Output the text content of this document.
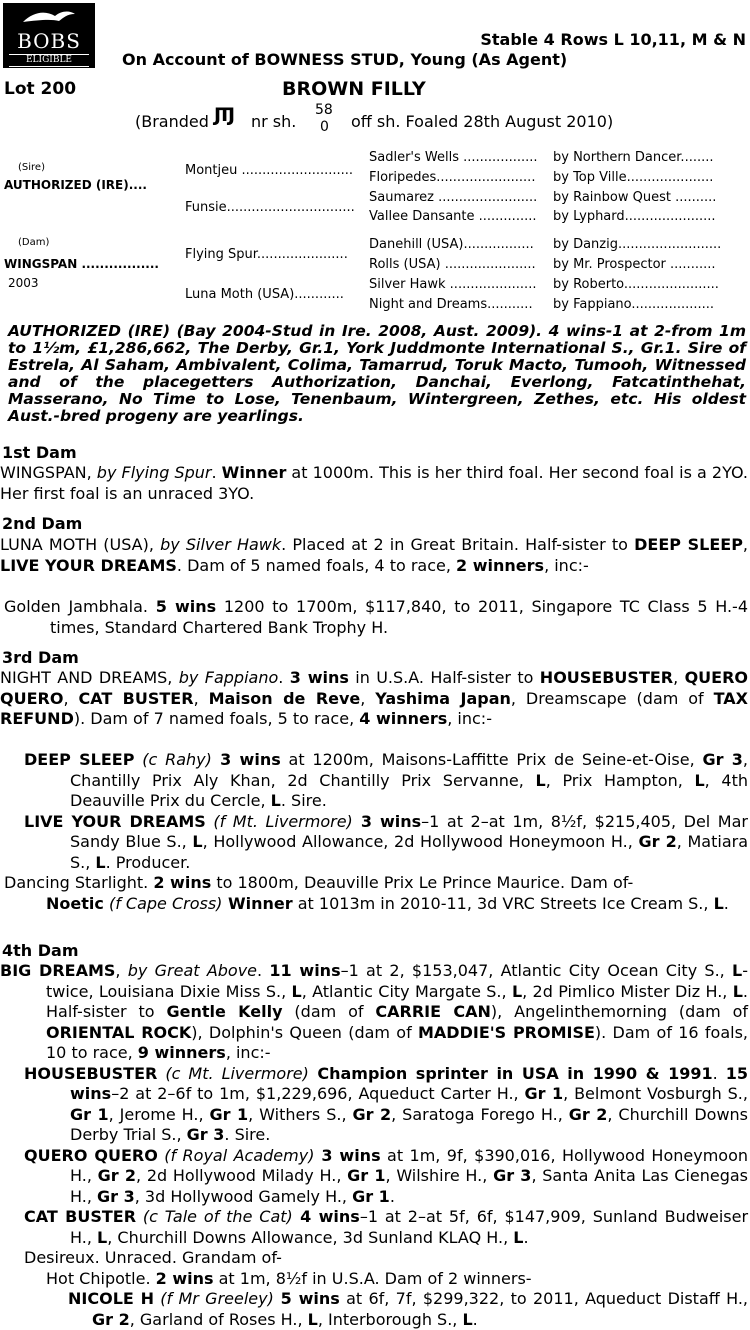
BOBS
ELIGIBLE
Stable 4 Rows L 10,11, M & N
On Account of BOWNESS STUD, Young (As Agent)
Lot 200	BROWN FILLY
(Branded JTJ nr sh.
58
0 off sh. Foaled 28th August 2010)
(Sire)
AUTHORIZED (IRE)....
(Dam)
WINGSPAN .................
2003
Montjeu ...........................
Funsie...............................
Flying Spur......................
Luna Moth (USA)............
Sadler's Wells ..................
Floripedes........................
Saumarez ........................
Vallee Dansante ..............
Danehill (USA).................
Rolls (USA) ......................
Silver Hawk .....................
Night and Dreams...........
by Northern Dancer........
by Top Ville.....................
by Rainbow Quest ..........
by Lyphard......................
by Danzig.........................
by Mr. Prospector ...........
by Roberto.......................
by Fappiano....................
AUTHORIZED (IRE) (Bay 2004-Stud in Ire. 2008, Aust. 2009). 4 wins-1 at 2-from 1m to 1½m, £1,286,662, The Derby, Gr.1, York Juddmonte International S., Gr.1. Sire of Estrela, Al Saham, Ambivalent, Colima, Tamarrud, Toruk Macto, Tumooh, Witnessed and of the placegetters Authorization, Danchai, Everlong, Fatcatinthehat, Masserano, No Time to Lose, Tenenbaum, Wintergreen, Zethes, etc. His oldest Aust.-bred progeny are yearlings.
1st Dam

WINGSPAN, by Flying Spur. Winner at 1000m. This is her third foal. Her second foal is a 2YO. Her first foal is an unraced 3YO.

2nd Dam

LUNA MOTH (USA), by Silver Hawk. Placed at 2 in Great Britain. Half-sister to DEEP SLEEP, LIVE YOUR DREAMS. Dam of 5 named foals, 4 to race, 2 winners, inc:-

Golden Jambhala. 5 wins 1200 to 1700m, $117,840, to 2011, Singapore TC Class 5 H.-4 times, Standard Chartered Bank Trophy H.

3rd Dam

NIGHT AND DREAMS, by Fappiano. 3 wins in U.S.A. Half-sister to HOUSEBUSTER, QUERO QUERO, CAT BUSTER, Maison de Reve, Yashima Japan, Dreamscape (dam of TAX REFUND). Dam of 7 named foals, 5 to race, 4 winners, inc:-

DEEP SLEEP (c Rahy) 3 wins at 1200m, Maisons-Laffitte Prix de Seine-et-Oise, Gr 3, Chantilly Prix Aly Khan, 2d Chantilly Prix Servanne, L, Prix Hampton, L, 4th Deauville Prix du Cercle, L. Sire.

LIVE YOUR DREAMS (f Mt. Livermore) 3 wins–1 at 2–at 1m, 8½f, $215,405, Del Mar Sandy Blue S., L, Hollywood Allowance, 2d Hollywood Honeymoon H., Gr 2, Matiara S., L. Producer.

Dancing Starlight. 2 wins to 1800m, Deauville Prix Le Prince Maurice. Dam of-

Noetic (f Cape Cross) Winner at 1013m in 2010-11, 3d VRC Streets Ice Cream S., L.

4th Dam

BIG DREAMS, by Great Above. 11 wins–1 at 2, $153,047, Atlantic City Ocean City S., L-twice, Louisiana Dixie Miss S., L, Atlantic City Margate S., L, 2d Pimlico Mister Diz H., L. Half-sister to Gentle Kelly (dam of CARRIE CAN), Angelinthemorning (dam of ORIENTAL ROCK), Dolphin's Queen (dam of MADDIE'S PROMISE). Dam of 16 foals, 10 to race, 9 winners, inc:-

HOUSEBUSTER (c Mt. Livermore) Champion sprinter in USA in 1990 & 1991. 15 wins–2 at 2–6f to 1m, $1,229,696, Aqueduct Carter H., Gr 1, Belmont Vosburgh S., Gr 1, Jerome H., Gr 1, Withers S., Gr 2, Saratoga Forego H., Gr 2, Churchill Downs Derby Trial S., Gr 3. Sire.

QUERO QUERO (f Royal Academy) 3 wins at 1m, 9f, $390,016, Hollywood Honeymoon H., Gr 2, 2d Hollywood Milady H., Gr 1, Wilshire H., Gr 3, Santa Anita Las Cienegas H., Gr 3, 3d Hollywood Gamely H., Gr 1.

CAT BUSTER (c Tale of the Cat) 4 wins–1 at 2–at 5f, 6f, $147,909, Sunland Budweiser H., L, Churchill Downs Allowance, 3d Sunland KLAQ H., L.

Desireux. Unraced. Grandam of-

Hot Chipotle. 2 wins at 1m, 8½f in U.S.A. Dam of 2 winners-

NICOLE H (f Mr Greeley) 5 wins at 6f, 7f, $299,322, to 2011, Aqueduct Distaff H., Gr 2, Garland of Roses H., L, Interborough S., L.
